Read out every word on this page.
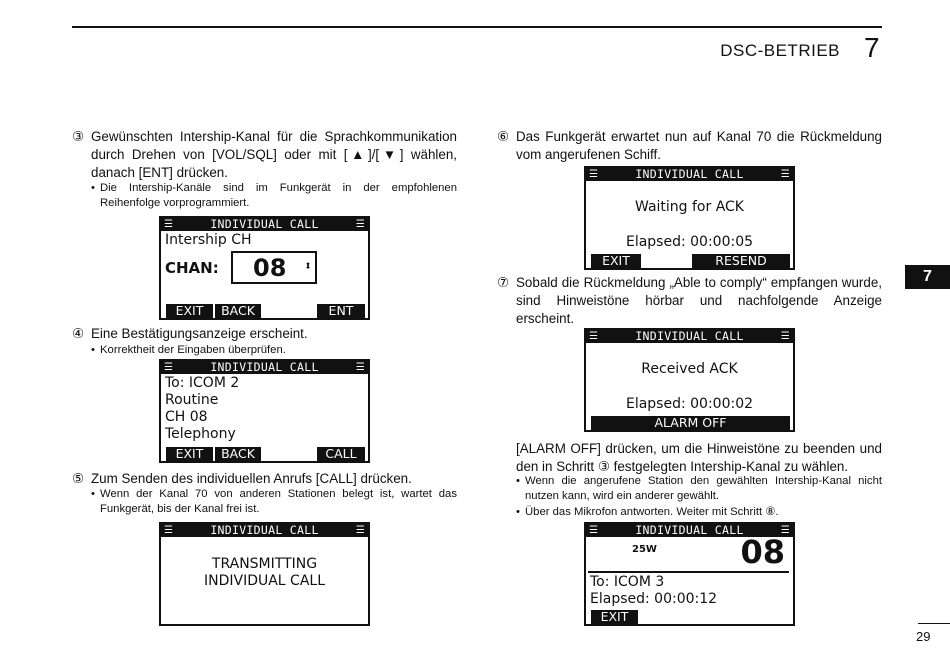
DSC-BETRIEB 7
7
③ Gewünschten Intership-Kanal für die Sprachkommunikation durch Drehen von [VOL/SQL] oder mit [▲]/[▼] wählen, danach [ENT] drücken.
• Die Intership-Kanäle sind im Funkgerät in der empfohlenen Reihenfolge vorprogrammiert.
☰	INDIVIDUAL CALL	☰
Intership CH
CHAN: 08 ⬍
EXIT	BACK	ENT
④ Eine Bestätigungsanzeige erscheint.
• Korrektheit der Eingaben überprüfen.
☰	INDIVIDUAL CALL	☰
To: ICOM 2
Routine
CH 08
Telephony
EXIT	BACK	CALL
⑤ Zum Senden des individuellen Anrufs [CALL] drücken.
• Wenn der Kanal 70 von anderen Stationen belegt ist, wartet das Funkgerät, bis der Kanal frei ist.
☰	INDIVIDUAL CALL	☰
TRANSMITTING
INDIVIDUAL CALL
⑥ Das Funkgerät erwartet nun auf Kanal 70 die Rückmeldung vom angerufenen Schiff.
☰	INDIVIDUAL CALL	☰
Waiting for ACK
Elapsed: 00:00:05
EXIT	RESEND
⑦ Sobald die Rückmeldung „Able to comply“ empfangen wurde, sind Hinweistöne hörbar und nachfolgende Anzeige erscheint.
☰	INDIVIDUAL CALL	☰
Received ACK
Elapsed: 00:00:02
ALARM OFF
[ALARM OFF] drücken, um die Hinweistöne zu beenden und den in Schritt ③ festgelegten Intership-Kanal zu wählen.
• Wenn die angerufene Station den gewählten Intership-Kanal nicht nutzen kann, wird ein anderer gewählt.
• Über das Mikrofon antworten. Weiter mit Schritt ⑧.
☰	INDIVIDUAL CALL	☰
25W	08
To: ICOM 3
Elapsed: 00:00:12
EXIT
29
